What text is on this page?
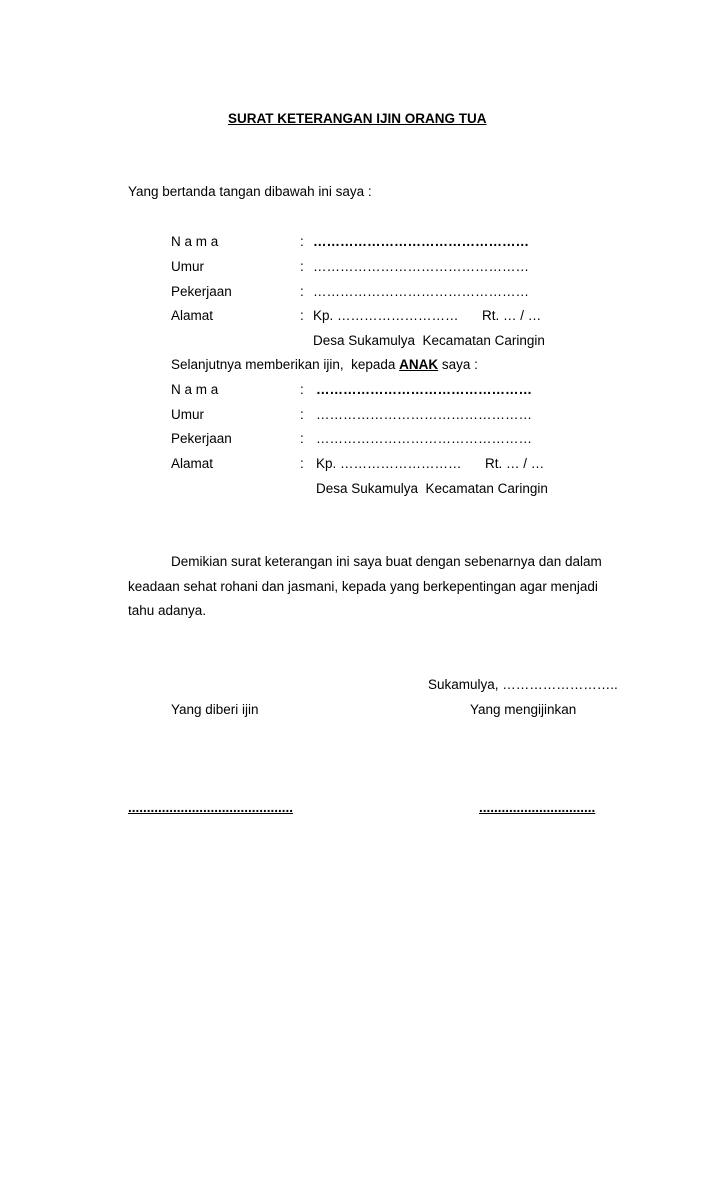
SURAT KETERANGAN IJIN ORANG TUA
Yang bertanda tangan dibawah ini saya :
N a m a	: …………………………………………
Umur	: …………………………………………
Pekerjaan	: …………………………………………
Alamat	: Kp. ……………………… Rt. … / …
Desa Sukamulya  Kecamatan Caringin
Selanjutnya memberikan ijin,  kepada ANAK saya :
N a m a	: …………………………………………
Umur	: …………………………………………
Pekerjaan	: …………………………………………
Alamat	: Kp. ……………………… Rt. … / …
Desa Sukamulya  Kecamatan Caringin
Demikian surat keterangan ini saya buat dengan sebenarnya dan dalam
keadaan sehat rohani dan jasmani, kepada yang berkepentingan agar menjadi
tahu adanya.
Sukamulya, ……………………..
Yang diberi ijin	Yang mengijinkan
............................................	...............................
